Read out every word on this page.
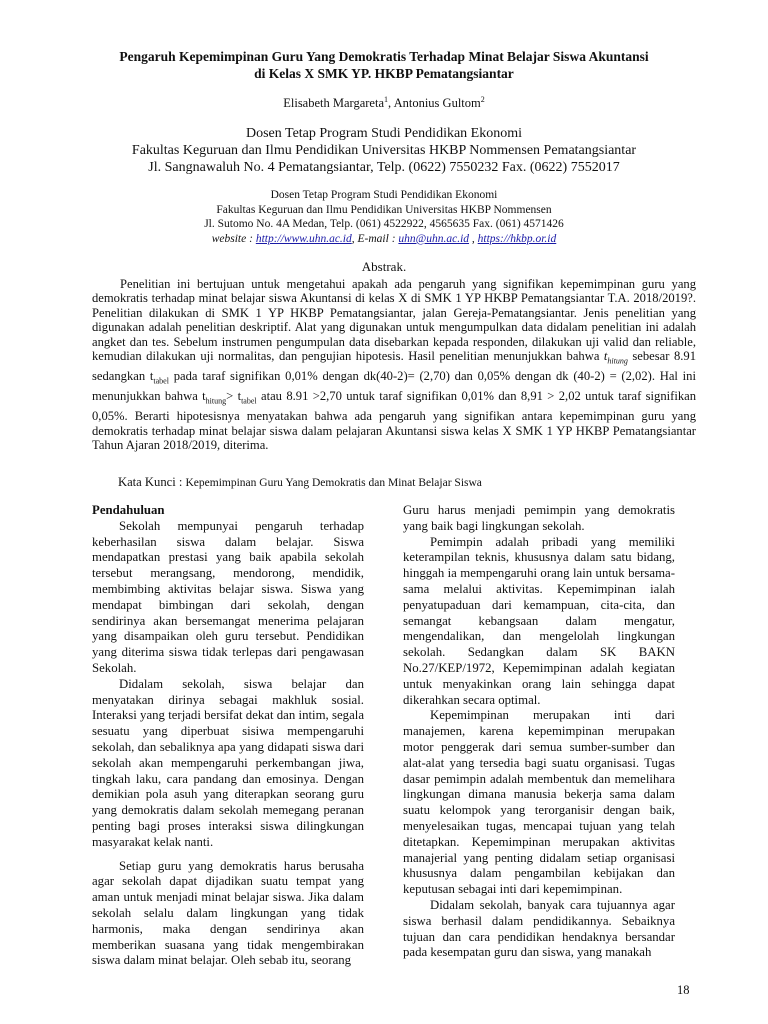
Pengaruh Kepemimpinan Guru Yang Demokratis Terhadap Minat Belajar Siswa Akuntansi
di Kelas X SMK YP. HKBP Pematangsiantar
Elisabeth Margareta$^1$, Antonius Gultom$^2$
Dosen Tetap Program Studi Pendidikan Ekonomi
Fakultas Keguruan dan Ilmu Pendidikan Universitas HKBP Nommensen Pematangsiantar
Jl. Sangnawaluh No. 4 Pematangsiantar, Telp. (0622) 7550232 Fax. (0622) 7552017
Dosen Tetap Program Studi Pendidikan Ekonomi
Fakultas Keguruan dan Ilmu Pendidikan Universitas HKBP Nommensen
Jl. Sutomo No. 4A Medan, Telp. (061) 4522922, 4565635 Fax. (061) 4571426
website : http://www.uhn.ac.id, E-mail : uhn@uhn.ac.id , https://hkbp.or.id
Abstrak.

Penelitian ini bertujuan untuk mengetahui apakah ada pengaruh yang signifikan kepemimpinan guru yang demokratis terhadap minat belajar siswa Akuntansi di kelas X di SMK 1 YP HKBP Pematangsiantar T.A. 2018/2019?. Penelitian dilakukan di SMK 1 YP HKBP Pematangsiantar, jalan Gereja-Pematangsiantar. Jenis penelitian yang digunakan adalah penelitian deskriptif. Alat yang digunakan untuk mengumpulkan data didalam penelitian ini adalah angket dan tes. Sebelum instrumen pengumpulan data disebarkan kepada responden, dilakukan uji valid dan reliable, kemudian dilakukan uji normalitas, dan pengujian hipotesis. Hasil penelitian menunjukkan bahwa $t_{hitung}$ sebesar 8.91 sedangkan $t_{tabel}$ pada taraf signifikan 0,01% dengan dk(40-2)= (2,70) dan 0,05% dengan dk (40-2) = (2,02). Hal ini menunjukkan bahwa $t_{hitung}> t_{tabel}$ atau 8.91 >2,70 untuk taraf signifikan 0,01% dan 8,91 > 2,02 untuk taraf signifikan 0,05%. Berarti hipotesisnya menyatakan bahwa ada pengaruh yang signifikan antara kepemimpinan guru yang demokratis terhadap minat belajar siswa dalam pelajaran Akuntansi siswa kelas X SMK 1 YP HKBP Pematangsiantar Tahun Ajaran 2018/2019, diterima.

Kata Kunci : Kepemimpinan Guru Yang Demokratis dan Minat Belajar Siswa
Pendahuluan

Sekolah mempunyai pengaruh terhadap keberhasilan siswa dalam belajar. Siswa mendapatkan prestasi yang baik apabila sekolah tersebut merangsang, mendorong, mendidik, membimbing aktivitas belajar siswa. Siswa yang mendapat bimbingan dari sekolah, dengan sendirinya akan bersemangat menerima pelajaran yang disampaikan oleh guru tersebut. Pendidikan yang diterima siswa tidak terlepas dari pengawasan Sekolah.

Didalam sekolah, siswa belajar dan menyatakan dirinya sebagai makhluk sosial. Interaksi yang terjadi bersifat dekat dan intim, segala sesuatu yang diperbuat sisiwa mempengaruhi sekolah, dan sebaliknya apa yang didapati siswa dari sekolah akan mempengaruhi perkembangan jiwa, tingkah laku, cara pandang dan emosinya. Dengan demikian pola asuh yang diterapkan seorang guru yang demokratis dalam sekolah memegang peranan penting bagi proses interaksi siswa dilingkungan masyarakat kelak nanti.

Setiap guru yang demokratis harus berusaha agar sekolah dapat dijadikan suatu tempat yang aman untuk menjadi minat belajar siswa. Jika dalam sekolah selalu dalam lingkungan yang tidak harmonis, maka dengan sendirinya akan memberikan suasana yang tidak mengembirakan siswa dalam minat belajar. Oleh sebab itu, seorang

Guru harus menjadi pemimpin yang demokratis yang baik bagi lingkungan sekolah.

Pemimpin adalah pribadi yang memiliki keterampilan teknis, khususnya dalam satu bidang, hinggah ia mempengaruhi orang lain untuk bersama-sama melalui aktivitas. Kepemimpinan ialah penyatupaduan dari kemampuan, cita-cita, dan semangat kebangsaan dalam mengatur, mengendalikan, dan mengelolah lingkungan sekolah. Sedangkan dalam SK BAKN No.27/KEP/1972, Kepemimpinan adalah kegiatan untuk menyakinkan orang lain sehingga dapat dikerahkan secara optimal.

Kepemimpinan merupakan inti dari manajemen, karena kepemimpinan merupakan motor penggerak dari semua sumber-sumber dan alat-alat yang tersedia bagi suatu organisasi. Tugas dasar pemimpin adalah membentuk dan memelihara lingkungan dimana manusia bekerja sama dalam suatu kelompok yang terorganisir dengan baik, menyelesaikan tugas, mencapai tujuan yang telah ditetapkan. Kepemimpinan merupakan aktivitas manajerial yang penting didalam setiap organisasi khususnya dalam pengambilan kebijakan dan keputusan sebagai inti dari kepemimpinan.

Didalam sekolah, banyak cara tujuannya agar siswa berhasil dalam pendidikannya. Sebaiknya tujuan dan cara pendidikan hendaknya bersandar pada kesempatan guru dan siswa, yang manakah

18
